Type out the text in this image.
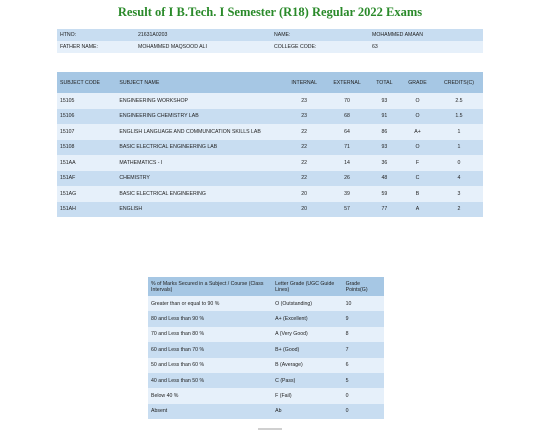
Result of I B.Tech. I Semester (R18) Regular 2022 Exams
HTNO:	21631A0203	NAME:	MOHAMMED AMAAN
FATHER NAME:	MOHAMMED MAQSOOD ALI	COLLEGE CODE:	63
SUBJECT CODE	SUBJECT NAME	INTERNAL	EXTERNAL	TOTAL	GRADE	CREDITS(C)
15105	ENGINEERING WORKSHOP	23	70	93	O	2.5
15106	ENGINEERING CHEMISTRY LAB	23	68	91	O	1.5
15107	ENGLISH LANGUAGE AND COMMUNICATION SKILLS LAB	22	64	86	A+	1
15108	BASIC ELECTRICAL ENGINEERING LAB	22	71	93	O	1
151AA	MATHEMATICS - I	22	14	36	F	0
151AF	CHEMISTRY	22	26	48	C	4
151AG	BASIC ELECTRICAL ENGINEERING	20	39	59	B	3
151AH	ENGLISH	20	57	77	A	2
% of Marks Secured in a Subject / Course (Class Intervals)	Letter Grade (UGC Guide Lines)	Grade Points(G)
Greater than or equal to 90 %	O (Outstanding)	10
80 and Less than 90 %	A+ (Excellent)	9
70 and Less than 80 %	A (Very Good)	8
60 and Less than 70 %	B+ (Good)	7
50 and Less than 60 %	B (Average)	6
40 and Less than 50 %	C (Pass)	5
Below 40 %	F (Fail)	0
Absent	Ab	0
